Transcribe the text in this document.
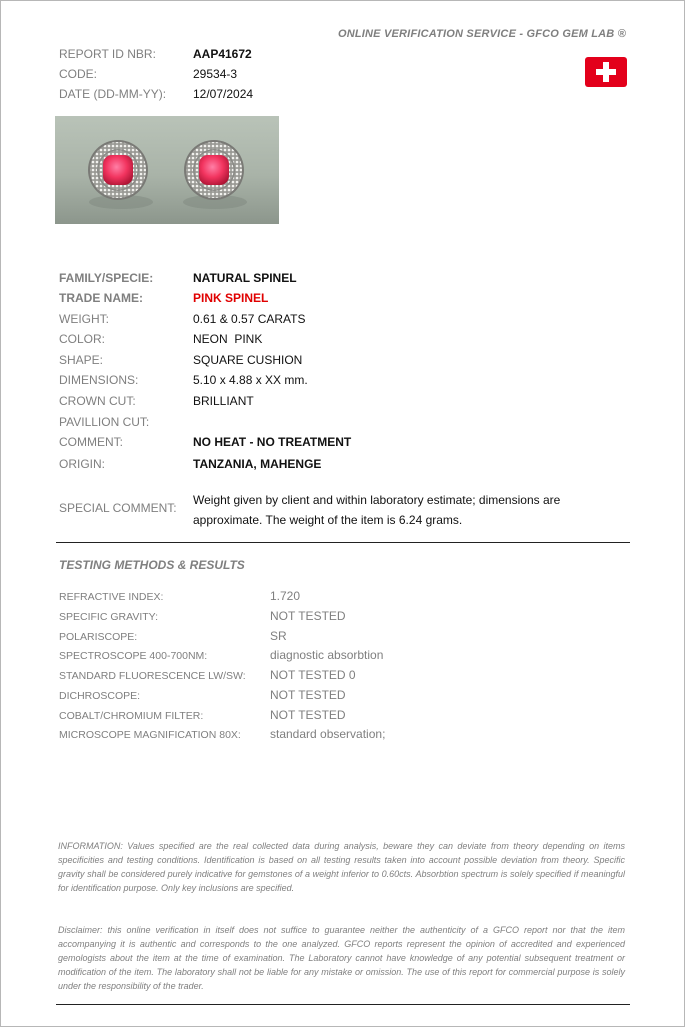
ONLINE VERIFICATION SERVICE - GFCO GEM LAB ®
REPORT ID NBR:	AAP41672
CODE:	29534-3
DATE (DD-MM-YY): 12/07/2024
FAMILY/SPECIE:	NATURAL SPINEL
TRADE NAME:	PINK SPINEL
WEIGHT:	0.61 & 0.57 CARATS
COLOR:	NEON  PINK
SHAPE:	SQUARE CUSHION
DIMENSIONS:	5.10 x 4.88 x XX mm.
CROWN CUT:	BRILLIANT
PAVILLION CUT:
COMMENT:	NO HEAT - NO TREATMENT
ORIGIN:	TANZANIA, MAHENGE
SPECIAL COMMENT:
Weight given by client and within laboratory estimate; dimensions are approximate. The weight of the item is 6.24 grams.
TESTING METHODS & RESULTS
REFRACTIVE INDEX:	1.720
SPECIFIC GRAVITY:	NOT TESTED
POLARISCOPE:	SR
SPECTROSCOPE 400-700NM:	diagnostic absorbtion
STANDARD FLUORESCENCE LW/SW: NOT TESTED 0
DICHROSCOPE:	NOT TESTED
COBALT/CHROMIUM FILTER:	NOT TESTED
MICROSCOPE MAGNIFICATION 80X: standard observation;
INFORMATION: Values specified are the real collected data during analysis, beware they can deviate from theory depending on items specificities and testing conditions. Identification is based on all testing results taken into account possible deviation from theory. Specific gravity shall be considered purely indicative for gemstones of a weight inferior to 0.60cts. Absorbtion spectrum is solely specified if meaningful for identification purpose. Only key inclusions are specified.
Disclaimer: this online verification in itself does not suffice to guarantee neither the authenticity of a GFCO report nor that the item accompanying it is authentic and corresponds to the one analyzed. GFCO reports represent the opinion of accredited and experienced gemologists about the item at the time of examination. The Laboratory cannot have knowledge of any potential subsequent treatment or modification of the item. The laboratory shall not be liable for any mistake or omission. The use of this report for commercial purpose is solely under the responsibility of the trader.
